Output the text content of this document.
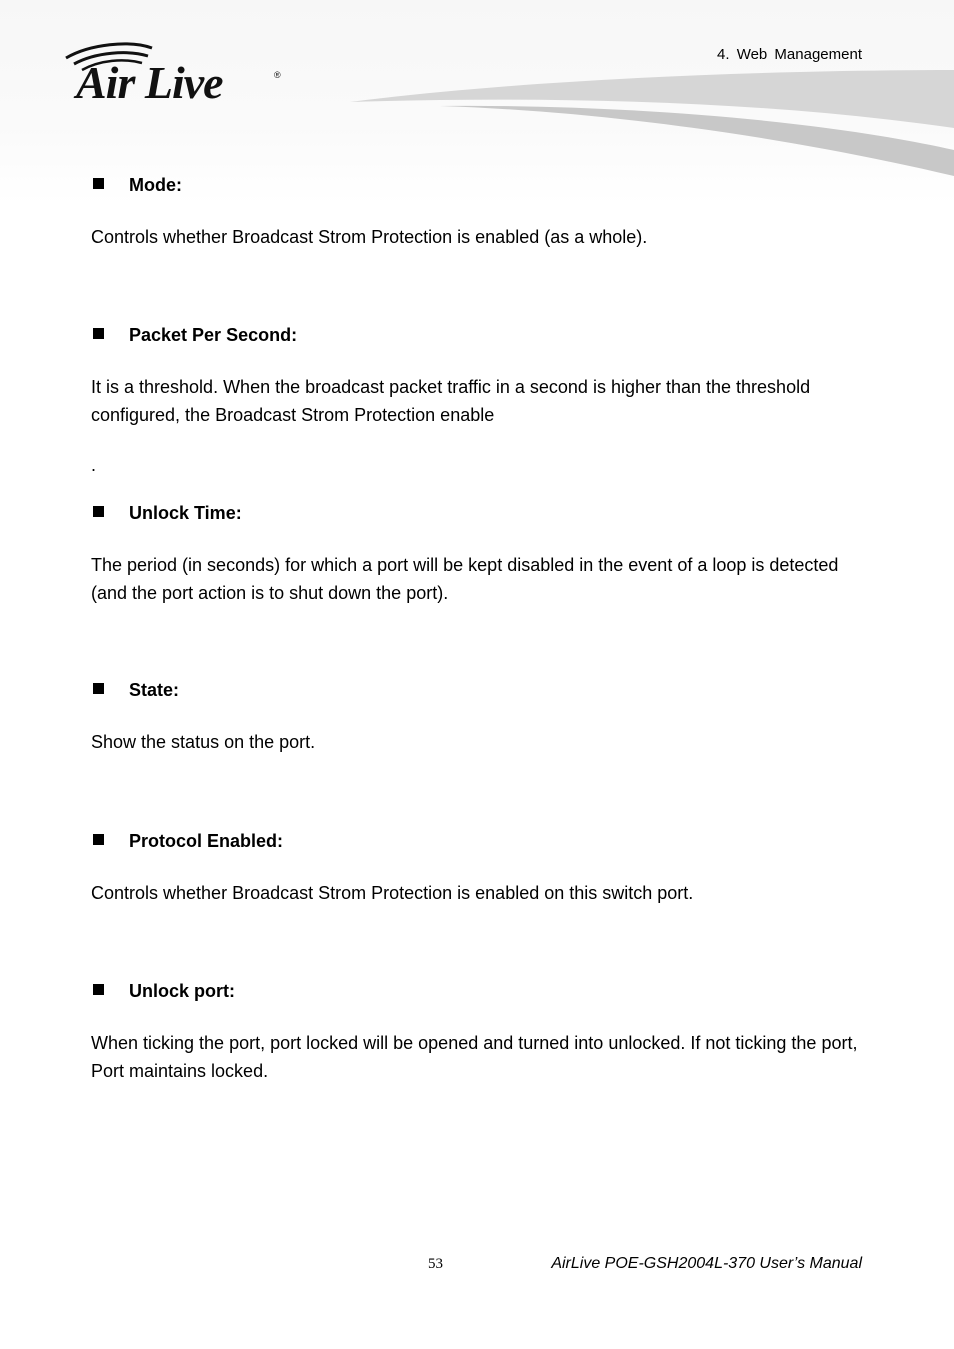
Air Live	®
4. Web Management
Mode:

Controls whether Broadcast Strom Protection is enabled (as a whole).

Packet Per Second:

It is a threshold. When the broadcast packet traffic in a second is higher than the threshold configured, the Broadcast Strom Protection enable

.

Unlock Time:

The period (in seconds) for which a port will be kept disabled in the event of a loop is detected (and the port action is to shut down the port).

State:

Show the status on the port.

Protocol Enabled:

Controls whether Broadcast Strom Protection is enabled on this switch port.

Unlock port:

When ticking the port, port locked will be opened and turned into unlocked. If not ticking the port, Port maintains locked.

53	AirLive POE-GSH2004L-370 User’s Manual
